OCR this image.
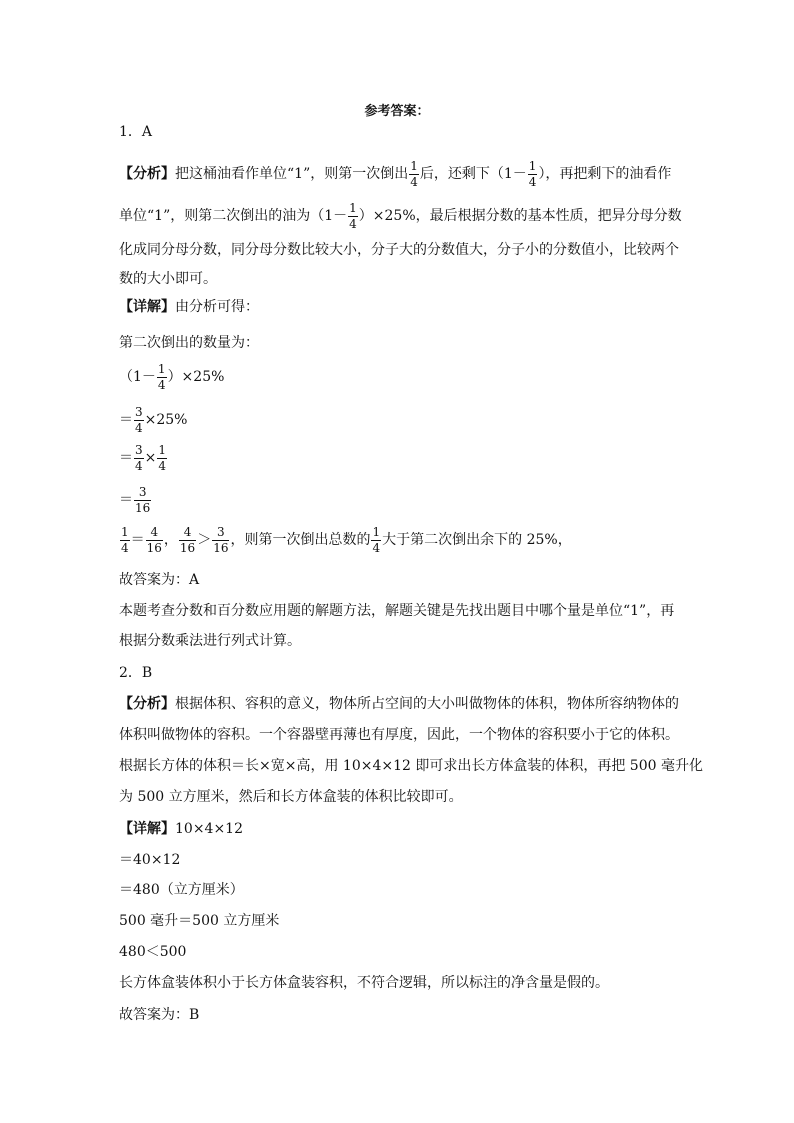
参考答案：
1．A
【分析】把这桶油看作单位“1”，则第一次倒出 $\frac{1}{4}$ 后，还剩下（$1- \frac{1}{4}$ ），再把剩下的油看作
单位“1”，则第二次倒出的油为$(1- \frac{1}{4} )\times 25\%$，最后根据分数的基本性质，把异分母分数
化成同分母分数，同分母分数比较大小，分子大的分数值大，分子小的分数值小，比较两个
数的大小即可。
【详解】由分析可得：
第二次倒出的数量为：
$(1- \frac{1}{4} )\times 25\%$
＝ $\frac{3}{4} \times 25\%$
＝ $\frac{3}{4} \times \frac{1}{4}$
＝ $\frac{3}{16}$
$\frac{1}{4} = \frac{4}{16}$ ， $\frac{4}{16} > \frac{3}{16}$ ，则第一次倒出总数的 $\frac{1}{4}$ 大于第二次倒出余下的 25%，
故答案为：A
本题考查分数和百分数应用题的解题方法，解题关键是先找出题目中哪个量是单位“1”，再
根据分数乘法进行列式计算。
2．B
【分析】根据体积、容积的意义，物体所占空间的大小叫做物体的体积，物体所容纳物体的
体积叫做物体的容积。一个容器壁再薄也有厚度，因此，一个物体的容积要小于它的体积。
根据长方体的体积＝长×宽×高，用 10×4×12 即可求出长方体盒装的体积，再把 500 毫升化
为 500 立方厘米，然后和长方体盒装的体积比较即可。
【详解】10×4×12
＝40×12
＝480（立方厘米）
500 毫升＝500 立方厘米
480＜500
长方体盒装体积小于长方体盒装容积，不符合逻辑，所以标注的净含量是假的。
故答案为：B
